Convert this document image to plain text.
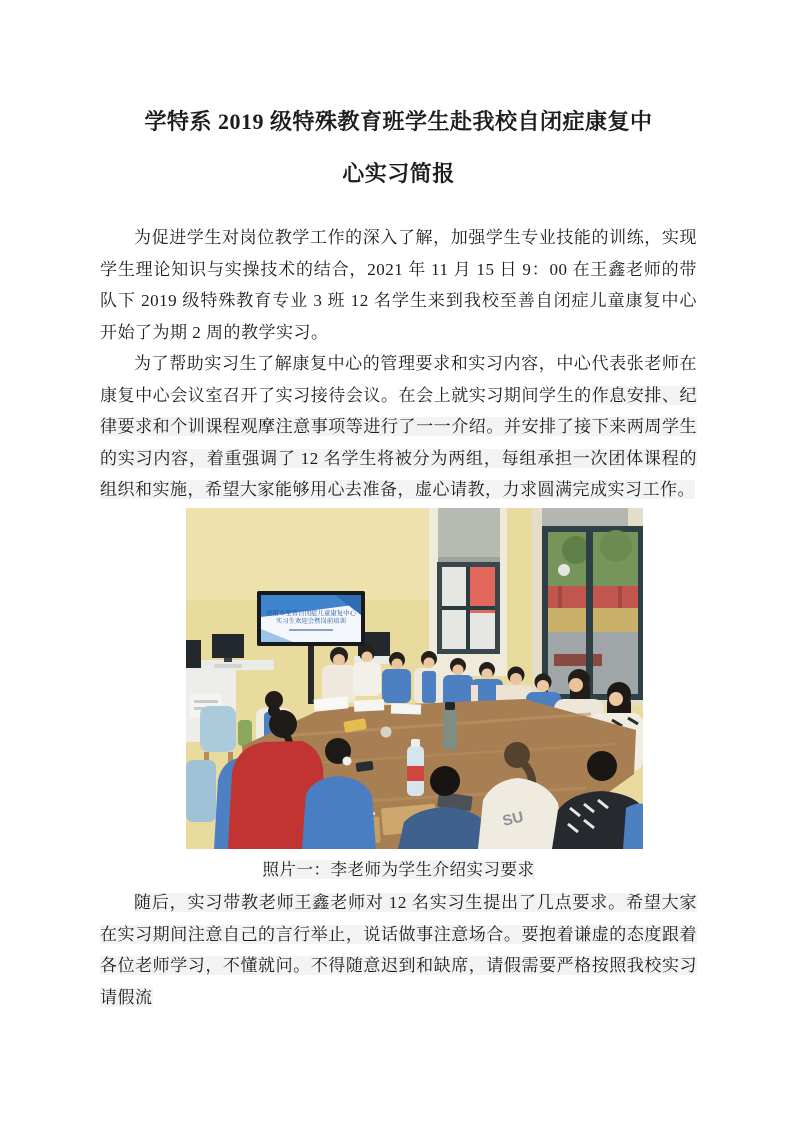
学特系 2019 级特殊教育班学生赴我校自闭症康复中
心实习简报

为促进学生对岗位教学工作的深入了解，加强学生专业技能的训练，实现学生理论知识与实操技术的结合，2021 年 11 月 15 日 9：00 在王鑫老师的带队下 2019 级特殊教育专业 3 班 12 名学生来到我校至善自闭症儿童康复中心开始了为期 2 周的教学实习。

为了帮助实习生了解康复中心的管理要求和实习内容，中心代表张老师在康复中心会议室召开了实习接待会议。在会上就实习期间学生的作息安排、纪律要求和个训课程观摩注意事项等进行了一一介绍。并安排了接下来两周学生的实习内容，着重强调了 12 名学生将被分为两组，每组承担一次团体课程的组织和实施，希望大家能够用心去准备，虚心请教，力求圆满完成实习工作。

贵阳市至善自闭症儿童康复中心
实习生欢迎会暨岗前培训
SU
照片一：李老师为学生介绍实习要求

随后，实习带教老师王鑫老师对 12 名实习生提出了几点要求。希望大家在实习期间注意自己的言行举止，说话做事注意场合。要抱着谦虚的态度跟着各位老师学习，不懂就问。不得随意迟到和缺席，请假需要严格按照我校实习请假流
